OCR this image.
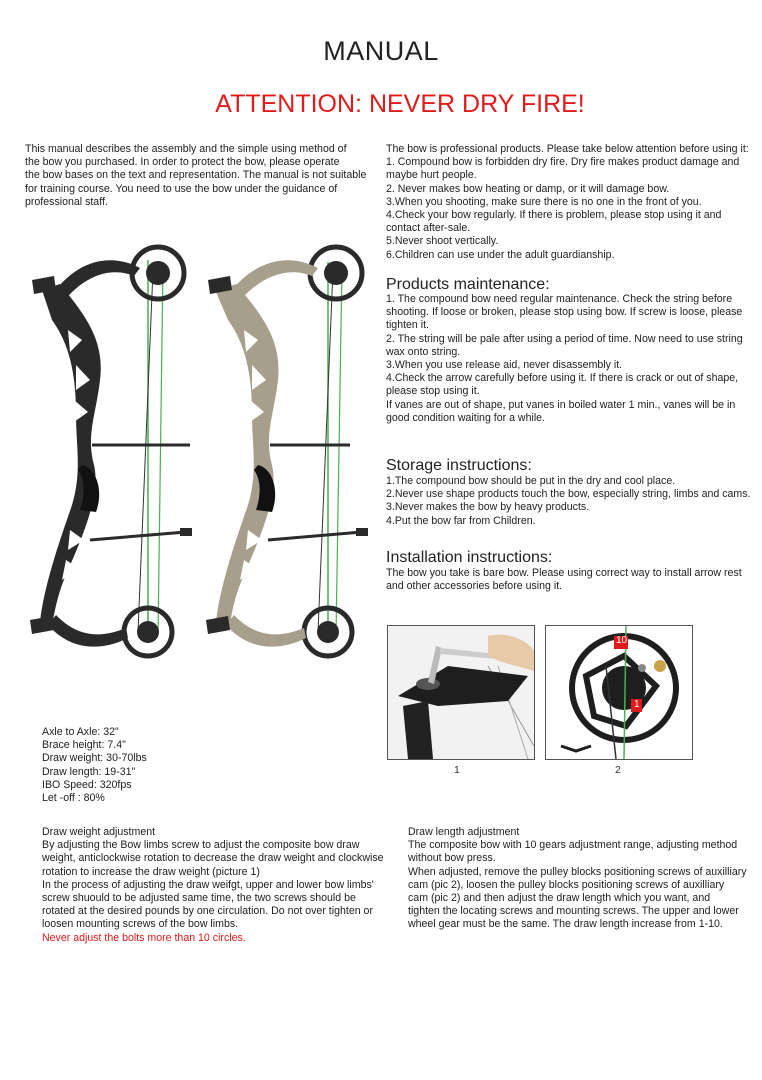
MANUAL
ATTENTION: NEVER DRY FIRE!
This manual describes the assembly and the simple using method of
the bow you purchased. In order to protect the bow, please operate
the bow bases on the text and representation. The manual is not suitable
for training course. You need to use the bow under the guidance of
professional staff.
The bow is professional products. Please take below attention before using it:
1. Compound bow is forbidden dry fire. Dry fire makes product damage and
maybe hurt people.
2. Never makes bow heating or damp, or it will damage bow.
3.When you shooting, make sure there is no one in the front of you.
4.Check your bow regularly. If there is problem, please stop using it and
contact after-sale.
5.Never shoot vertically.
6.Children can use under the adult guardianship.
Products maintenance:
1. The compound bow need regular maintenance. Check the string before
shooting. If loose or broken, please stop using bow. If screw is loose, please
tighten it.
2. The string will be pale after using a period of time. Now need to use string
wax onto string.
3.When you use release aid, never disassembly it.
4.Check the arrow carefully before using it. If there is crack or out of shape,
please stop using it.
If vanes are out of shape, put vanes in boiled water 1 min., vanes will be in
good condition waiting for a while.
Storage instructions:
1.The compound bow should be put in the dry and cool place.
2.Never use shape products touch the bow, especially string, limbs and cams.
3.Never makes the bow by heavy products.
4.Put the bow far from Children.
Installation instructions:
The bow you take is bare bow. Please using correct way to install arrow rest
and other accessories before using it.
1
10
1
2
Axle to Axle: 32"
Brace height: 7.4"
Draw weight: 30-70lbs
Draw length: 19-31"
IBO Speed: 320fps
Let -off : 80%
Draw weight adjustment
By adjusting the Bow limbs screw to adjust the composite bow draw
weight, anticlockwise rotation to decrease the draw weight and clockwise
rotation to increase the draw weight (picture 1)
In the process of adjusting the draw weifgt, upper and lower bow limbs'
screw shuould to be adjusted same time, the two screws should be
rotated at the desired pounds by one circulation. Do not over tighten or
loosen mounting screws of the bow limbs.
Never adjust the bolts more than 10 circles.
Draw length adjustment
The composite bow with 10 gears adjustment range, adjusting method
without bow press.
When adjusted, remove the pulley blocks positioning screws of auxilliary
cam (pic 2), loosen the pulley blocks positioning screws of auxilliary
cam (pic 2) and then adjust the draw length which you want, and
tighten the locating screws and mounting screws. The upper and lower
wheel gear must be the same. The draw length increase from 1-10.
